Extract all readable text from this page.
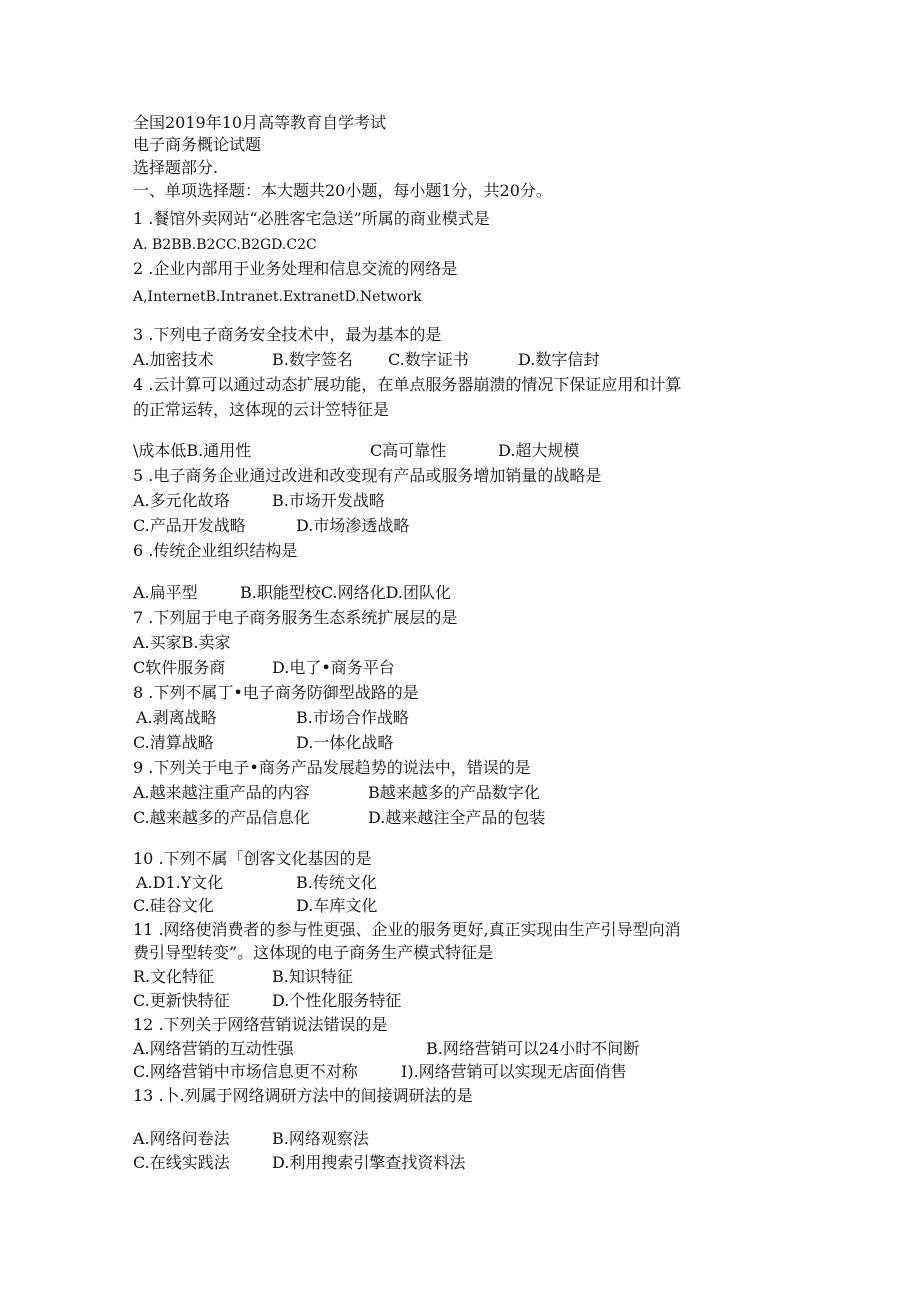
全国2019年10月高等教育自学考试
电子商务概论试题
选择题部分.
一、单项选择题：本大题共20小题，每小题1分，共20分。
1 .餐馆外卖网站“必胜客宅急送”所属的商业模式是
A. B2BB.B2CC.B2GD.C2C
2 .企业内部用于业务处理和信息交流的网络是
A,InternetB.Intranet.ExtranetD.Network
3 .下列电子商务安全技术中，最为基本的是
A.加密技术	B.数字签名 C.数字证书	D.数字信封
4 .云计算可以通过动态扩展功能，在单点服务器崩溃的情况下保证应用和计算
的正常运转，这体现的云计笠特征是
\成本低B.通用性	C高可靠性	D.超大规模
5 .电子商务企业通过改进和改变现有产品或服务增加销量的战略是
A.多元化故珞	B.市场开发战略
C.产品开发战略	D.市场渗透战略
6 .传统企业组织结构是
A.扁平型	B.职能型校C.网络化D.团队化
7 .下列屈于电子商务服务生态系统扩展层的是
A.买家B.卖家
C软件服务商	D.电了•商务平台
8 .下列不属丁•电子商务防御型战路的是
A.剥离战略	B.市场合作战略
C.清算战略	D.一体化战略
9 .下列关于电子•商务产品发展趋势的说法中，错误的是
A.越来越注重产品的内容	B越来越多的产品数字化
C.越来越多的产品信息化	D.越来越注全产品的包装
10 .下列不属「创客文化基因的是
A.D1.Y文化	B.传统文化
C.硅谷文化	D.车库文化
11 .网络使消费者的参与性更强、企业的服务更好,真正实现由生产引导型向消
费引导型转变”。这体现的电子商务生产模式特征是
R.文化特征	B.知识特征
C.更新快特征	D.个性化服务特征
12 .下列关于网络营销说法错误的是
A.网络营销的互动性强	B.网络营销可以24小时不间断
C.网络营销中市场信息更不对称	I).网络营销可以实现无店面俏售
13 .卜.列属于网络调研方法中的间接调研法的是
A.网络问卷法	B.网络观察法
C.在线实践法	D.利用搜索引擎查找资料法
